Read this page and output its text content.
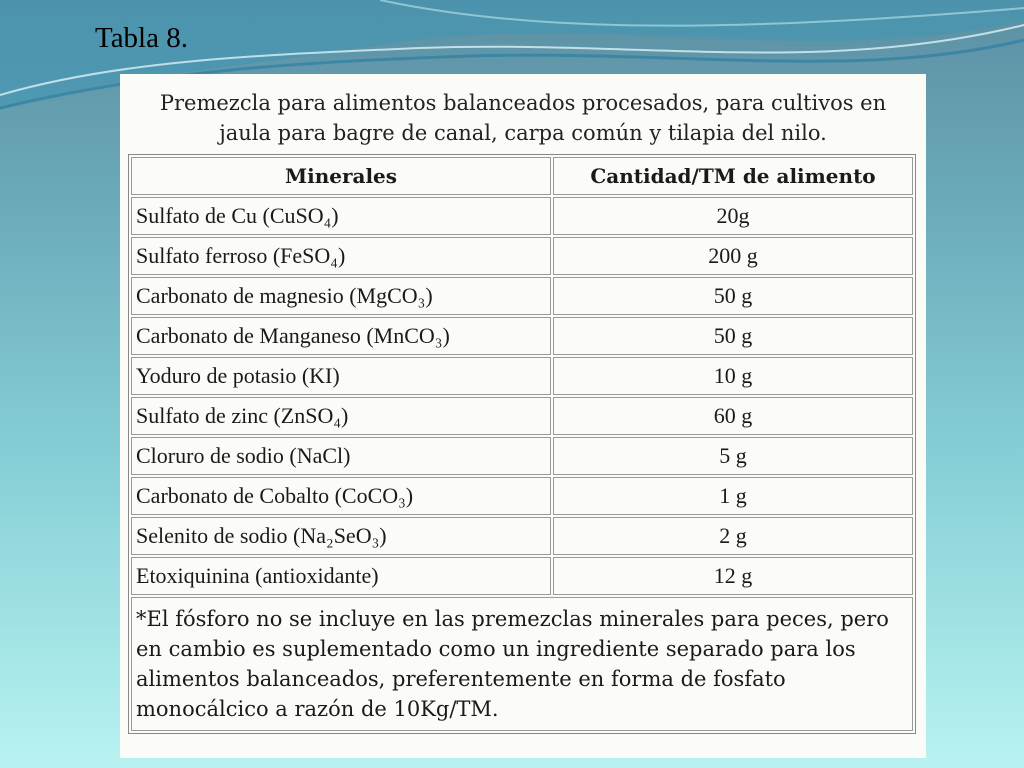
Tabla 8.
Premezcla para alimentos balanceados procesados, para cultivos en jaula para bagre de canal, carpa común y tilapia del nilo.
Minerales	Cantidad/TM de alimento
Sulfato de Cu (CuSO₄)	20g
Sulfato ferroso (FeSO₄)	200 g
Carbonato de magnesio (MgCO₃)	50 g
Carbonato de Manganeso (MnCO₃)	50 g
Yoduro de potasio (KI)	10 g
Sulfato de zinc (ZnSO₄)	60 g
Cloruro de sodio (NaCl)	5 g
Carbonato de Cobalto (CoCO₃)	1 g
Selenito de sodio (Na₂SeO₃)	2 g
Etoxiquinina (antioxidante)	12 g
*El fósforo no se incluye en las premezclas minerales para peces, pero en cambio es suplementado como un ingrediente separado para los alimentos balanceados, preferentemente en forma de fosfato monocálcico a razón de 10Kg/TM.	
